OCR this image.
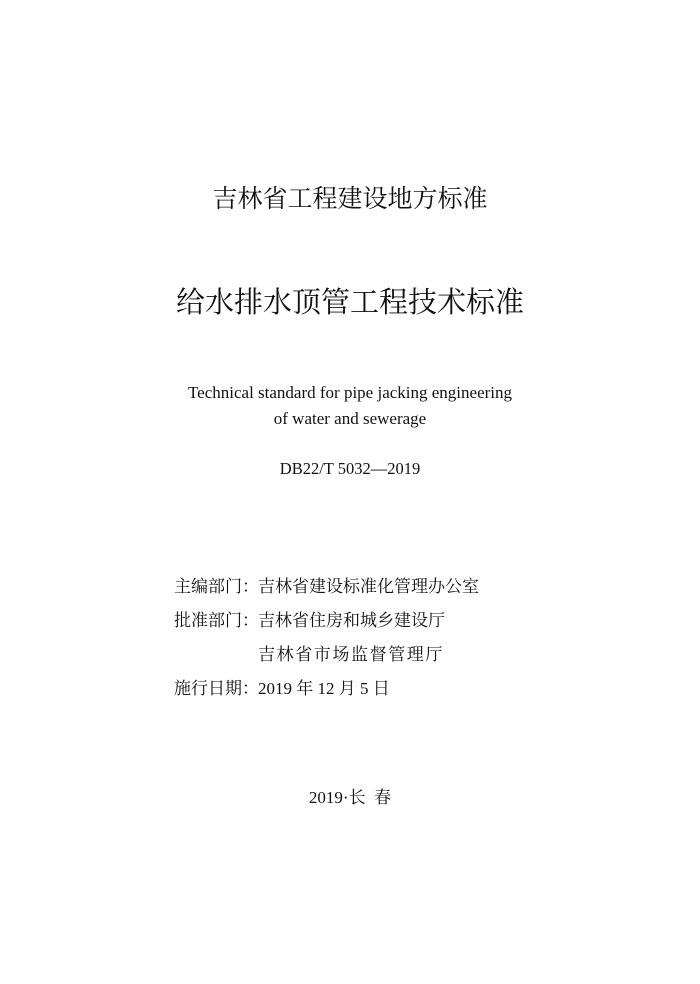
吉林省工程建设地方标准
给水排水顶管工程技术标准
Technical standard for pipe jacking engineering
of water and sewerage
DB22/T 5032—2019
主编部门：吉林省建设标准化管理办公室
批准部门：吉林省住房和城乡建设厅
吉林省市场监督管理厅
施行日期：2019 年 12 月 5 日
2019·长  春
